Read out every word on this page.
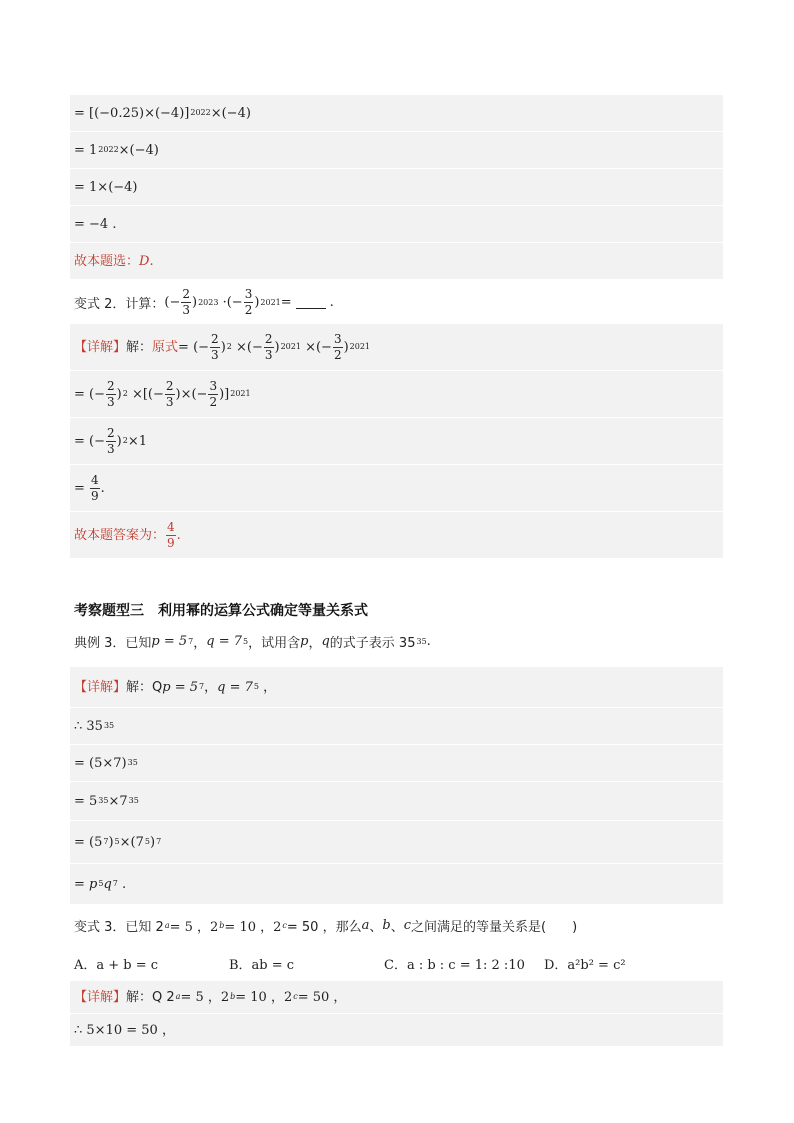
= [(−0.25)×(−4)] 2022 ×(−4)
= 1 2022 ×(−4)
= 1×(−4)
= −4 .
故本题选： D .
变式 2．计算： (− $\frac{2}{3}$ ) 2023 ·(− $\frac{3}{2}$ ) 2021 =	.
【详解】 解： 原式 = (− $\frac{2}{3}$ ) 2 ×(− $\frac{2}{3}$ ) 2021 ×(− $\frac{3}{2}$ ) 2021
= (− $\frac{2}{3}$ ) 2 ×[(− $\frac{2}{3}$ )×(− $\frac{3}{2}$ )] 2021
= (− $\frac{2}{3}$ ) 2 ×1
= $\frac{4}{9}$ .
故本题答案为： $\frac{4}{9}$ .
考察题型三　利用幂的运算公式确定等量关系式
典例 3．已知 p = 5 7 ， q = 7 5 ，试用含 p ， q 的式子表示 35 35 .
【详解】 解：Q p = 5 7 ， q = 7 5 ，
∴ 35 35
= (5×7) 35
= 5 35 ×7 35
= (5 7 ) 5 ×(7 5 ) 7
= p 5 q 7 .
变式 3．已知 2 a = 5 ，2 b = 10 ，2 c = 50 ，那么 a 、 b 、 c 之间满足的等量关系是(　　)
A．a + b = c	B．ab = c	C．a : b : c = 1: 2 :10	D．a²b² = c²
【详解】 解：Q 2 a = 5 ，2 b = 10 ，2 c = 50 ，
∴ 5×10 = 50 ，
